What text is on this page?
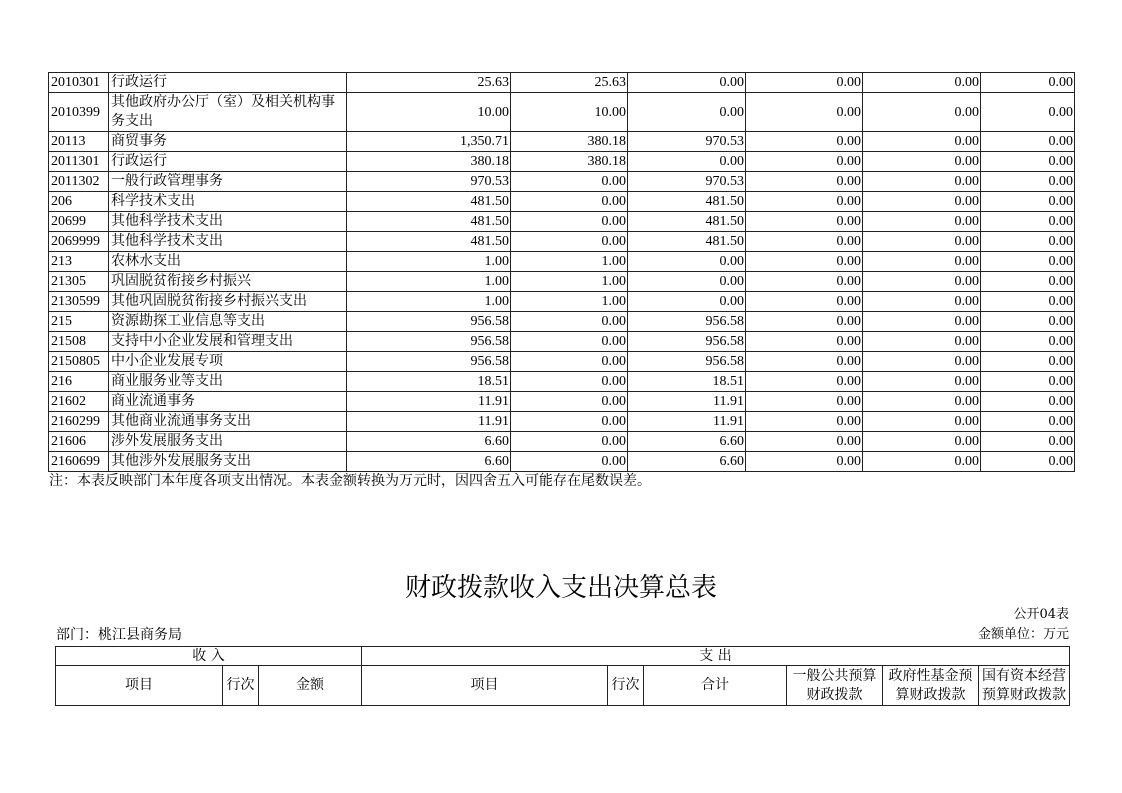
2010301	行政运行	25.63	25.63	0.00	0.00	0.00	0.00
2010399	其他政府办公厅（室）及相关机构事务支出	10.00	10.00	0.00	0.00	0.00	0.00
20113	商贸事务	1,350.71	380.18	970.53	0.00	0.00	0.00
2011301	行政运行	380.18	380.18	0.00	0.00	0.00	0.00
2011302	一般行政管理事务	970.53	0.00	970.53	0.00	0.00	0.00
206	科学技术支出	481.50	0.00	481.50	0.00	0.00	0.00
20699	其他科学技术支出	481.50	0.00	481.50	0.00	0.00	0.00
2069999	其他科学技术支出	481.50	0.00	481.50	0.00	0.00	0.00
213	农林水支出	1.00	1.00	0.00	0.00	0.00	0.00
21305	巩固脱贫衔接乡村振兴	1.00	1.00	0.00	0.00	0.00	0.00
2130599	其他巩固脱贫衔接乡村振兴支出	1.00	1.00	0.00	0.00	0.00	0.00
215	资源勘探工业信息等支出	956.58	0.00	956.58	0.00	0.00	0.00
21508	支持中小企业发展和管理支出	956.58	0.00	956.58	0.00	0.00	0.00
2150805	中小企业发展专项	956.58	0.00	956.58	0.00	0.00	0.00
216	商业服务业等支出	18.51	0.00	18.51	0.00	0.00	0.00
21602	商业流通事务	11.91	0.00	11.91	0.00	0.00	0.00
2160299	其他商业流通事务支出	11.91	0.00	11.91	0.00	0.00	0.00
21606	涉外发展服务支出	6.60	0.00	6.60	0.00	0.00	0.00
2160699	其他涉外发展服务支出	6.60	0.00	6.60	0.00	0.00	0.00
注：本表反映部门本年度各项支出情况。本表金额转换为万元时，因四舍五入可能存在尾数误差。
财政拨款收入支出决算总表
公开04表
部门：桃江县商务局	金额单位：万元
收 入			支 出					
项目	行次	金额	项目	行次	合计	一般公共预算财政拨款	政府性基金预算财政拨款	国有资本经营预算财政拨款
